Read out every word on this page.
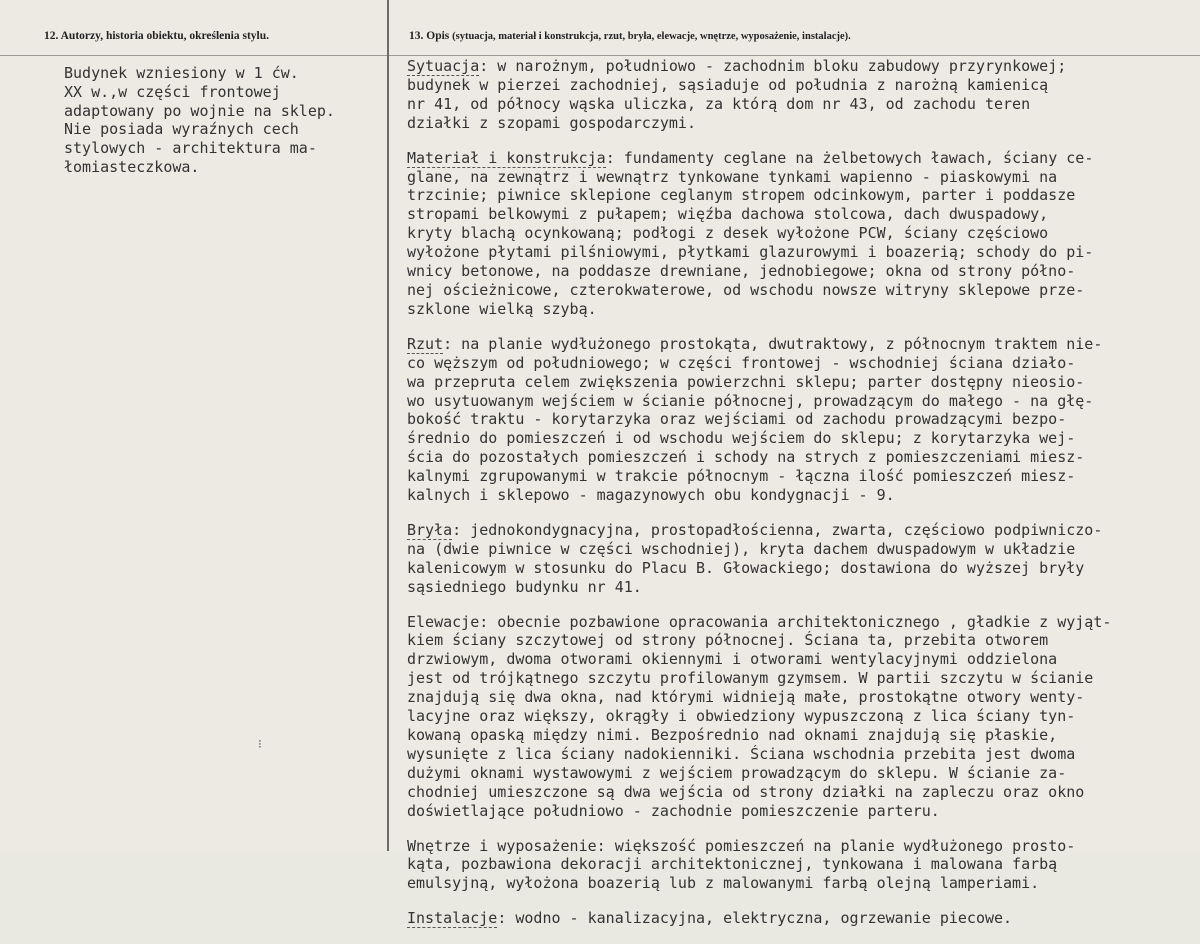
12. Autorzy, historia obiektu, określenia stylu.	13. Opis (sytuacja, materiał i konstrukcja, rzut, bryła, elewacje, wnętrze, wyposażenie, instalacje).
Budynek wzniesiony w 1 ćw.
XX w.,w części frontowej
adaptowany po wojnie na sklep.
Nie posiada wyraźnych cech
stylowych - architektura ma-
łomiasteczkowa.
⁝
Sytuacja: w narożnym, południowo - zachodnim bloku zabudowy przyrynkowej;
budynek w pierzei zachodniej, sąsiaduje od południa z narożną kamienicą
nr 41, od północy wąska uliczka, za którą dom nr 43, od zachodu teren
działki z szopami gospodarczymi.
Materiał i konstrukcja: fundamenty ceglane na żelbetowych ławach, ściany ce-
glane, na zewnątrz i wewnątrz tynkowane tynkami wapienno - piaskowymi na
trzcinie; piwnice sklepione ceglanym stropem odcinkowym, parter i poddasze
stropami belkowymi z pułapem; więźba dachowa stolcowa, dach dwuspadowy,
kryty blachą ocynkowaną; podłogi z desek wyłożone PCW, ściany częściowo
wyłożone płytami pilśniowymi, płytkami glazurowymi i boazerią; schody do pi-
wnicy betonowe, na poddasze drewniane, jednobiegowe; okna od strony półno-
nej ościeżnicowe, czterokwaterowe, od wschodu nowsze witryny sklepowe prze-
szklone wielką szybą.
Rzut: na planie wydłużonego prostokąta, dwutraktowy, z północnym traktem nie-
co węższym od południowego; w części frontowej - wschodniej ściana działo-
wa przepruta celem zwiększenia powierzchni sklepu; parter dostępny nieosio-
wo usytuowanym wejściem w ścianie północnej, prowadzącym do małego - na głę-
bokość traktu - korytarzyka oraz wejściami od zachodu prowadzącymi bezpo-
średnio do pomieszczeń i od wschodu wejściem do sklepu; z korytarzyka wej-
ścia do pozostałych pomieszczeń i schody na strych z pomieszczeniami miesz-
kalnymi zgrupowanymi w trakcie północnym - łączna ilość pomieszczeń miesz-
kalnych i sklepowo - magazynowych obu kondygnacji - 9.
Bryła: jednokondygnacyjna, prostopadłościenna, zwarta, częściowo podpiwniczo-
na (dwie piwnice w części wschodniej), kryta dachem dwuspadowym w układzie
kalenicowym w stosunku do Placu B. Głowackiego; dostawiona do wyższej bryły
sąsiedniego budynku nr 41.
Elewacje: obecnie pozbawione opracowania architektonicznego , gładkie z wyjąt-
kiem ściany szczytowej od strony północnej. Ściana ta, przebita otworem
drzwiowym, dwoma otworami okiennymi i otworami wentylacyjnymi oddzielona
jest od trójkątnego szczytu profilowanym gzymsem. W partii szczytu w ścianie
znajdują się dwa okna, nad którymi widnieją małe, prostokątne otwory wenty-
lacyjne oraz większy, okrągły i obwiedziony wypuszczoną z lica ściany tyn-
kowaną opaską między nimi. Bezpośrednio nad oknami znajdują się płaskie,
wysunięte z lica ściany nadokienniki. Ściana wschodnia przebita jest dwoma
dużymi oknami wystawowymi z wejściem prowadzącym do sklepu. W ścianie za-
chodniej umieszczone są dwa wejścia od strony działki na zapleczu oraz okno
doświetlające południowo - zachodnie pomieszczenie parteru.
Wnętrze i wyposażenie: większość pomieszczeń na planie wydłużonego prosto-
kąta, pozbawiona dekoracji architektonicznej, tynkowana i malowana farbą
emulsyjną, wyłożona boazerią lub z malowanymi farbą olejną lamperiami.
Instalacje: wodno - kanalizacyjna, elektryczna, ogrzewanie piecowe.
